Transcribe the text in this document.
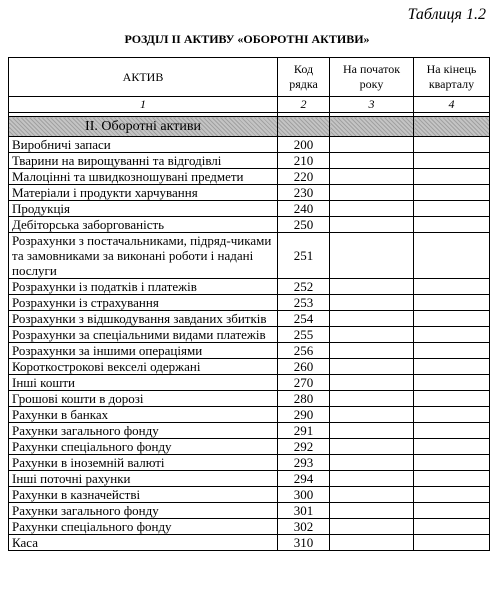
Таблиця 1.2
РОЗДІЛ ІІ АКТИВУ «ОБОРОТНІ АКТИВИ»
АКТИВ	Код рядка	На початок року	На кінець кварталу
1	2	3	4

II. Оборотні активи			
Виробничі запаси	200		
Тварини на вирощуванні та відгодівлі	210		
Малоцінні та швидкозношувані предмети	220		
Матеріали і продукти харчування	230		
Продукція	240		
Дебіторська заборгованість	250		
Розрахунки з постачальниками, підряд-чиками та замовниками за виконані роботи і надані послуги	251		
Розрахунки із податків і платежів	252		
Розрахунки із страхування	253		
Розрахунки з відшкодування завданих збитків	254		
Розрахунки за спеціальними видами платежів	255		
Розрахунки за іншими операціями	256		
Короткострокові векселі одержані	260		
Інші кошти	270		
Грошові кошти в дорозі	280		
Рахунки в банках	290		
Рахунки загального фонду	291		
Рахунки спеціального фонду	292		
Рахунки в іноземній валюті	293		
Інші поточні рахунки	294		
Рахунки в казначействі	300		
Рахунки загального фонду	301		
Рахунки спеціального фонду	302		
Каса	310		
